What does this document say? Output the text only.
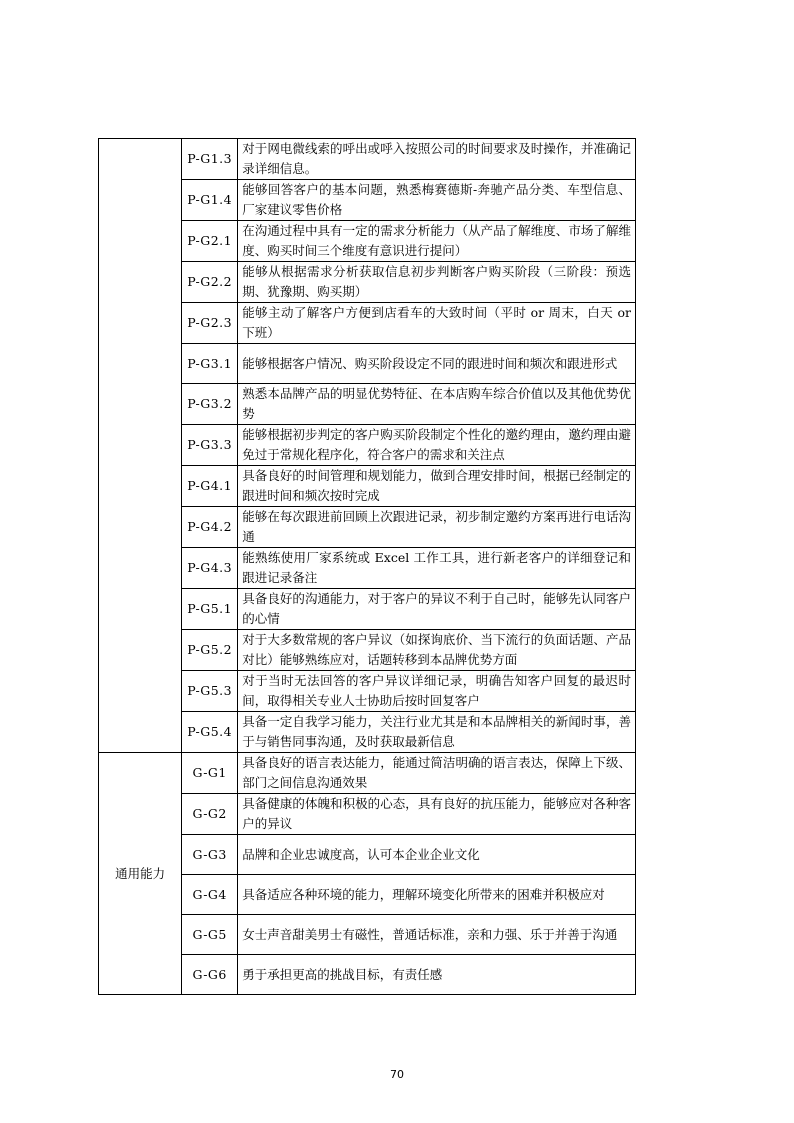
	P-G1.3	对于网电微线索的呼出或呼入按照公司的时间要求及时操作，并准确记录详细信息。
	P-G1.4	能够回答客户的基本问题，熟悉梅赛德斯-奔驰产品分类、车型信息、厂家建议零售价格
	P-G2.1	在沟通过程中具有一定的需求分析能力（从产品了解维度、市场了解维度、购买时间三个维度有意识进行提问）
	P-G2.2	能够从根据需求分析获取信息初步判断客户购买阶段（三阶段：预选期、犹豫期、购买期）
	P-G2.3	能够主动了解客户方便到店看车的大致时间（平时 or 周末，白天 or 下班）
	P-G3.1	能够根据客户情况、购买阶段设定不同的跟进时间和频次和跟进形式
	P-G3.2	熟悉本品牌产品的明显优势特征、在本店购车综合价值以及其他优势优势
	P-G3.3	能够根据初步判定的客户购买阶段制定个性化的邀约理由，邀约理由避免过于常规化程序化，符合客户的需求和关注点
	P-G4.1	具备良好的时间管理和规划能力，做到合理安排时间，根据已经制定的跟进时间和频次按时完成
	P-G4.2	能够在每次跟进前回顾上次跟进记录，初步制定邀约方案再进行电话沟通
	P-G4.3	能熟练使用厂家系统或 Excel 工作工具，进行新老客户的详细登记和跟进记录备注
	P-G5.1	具备良好的沟通能力，对于客户的异议不利于自己时，能够先认同客户的心情
	P-G5.2	对于大多数常规的客户异议（如探询底价、当下流行的负面话题、产品对比）能够熟练应对，话题转移到本品牌优势方面
	P-G5.3	对于当时无法回答的客户异议详细记录，明确告知客户回复的最迟时间，取得相关专业人士协助后按时回复客户
	P-G5.4	具备一定自我学习能力，关注行业尤其是和本品牌相关的新闻时事，善于与销售同事沟通，及时获取最新信息
通用能力	G-G1	具备良好的语言表达能力，能通过简洁明确的语言表达，保障上下级、部门之间信息沟通效果
	G-G2	具备健康的体魄和积极的心态，具有良好的抗压能力，能够应对各种客户的异议
	G-G3	品牌和企业忠诚度高，认可本企业企业文化
	G-G4	具备适应各种环境的能力，理解环境变化所带来的困难并积极应对
	G-G5	女士声音甜美男士有磁性，普通话标准，亲和力强、乐于并善于沟通
	G-G6	勇于承担更高的挑战目标，有责任感
70
